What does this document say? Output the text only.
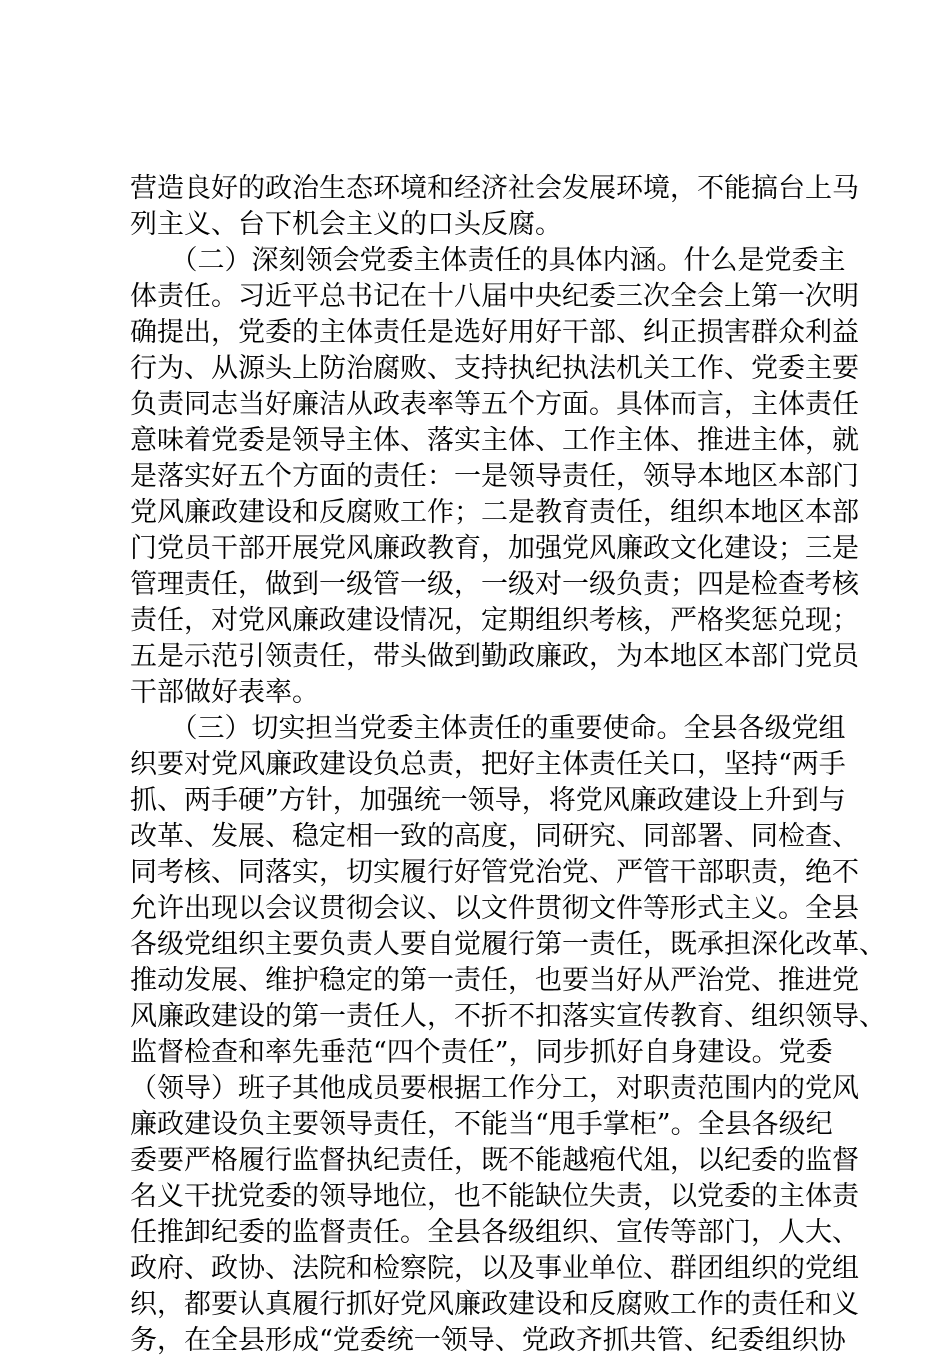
营造良好的政治生态环境和经济社会发展环境，不能搞台上马
列主义、台下机会主义的口头反腐。
　　（二）深刻领会党委主体责任的具体内涵。什么是党委主
体责任。习近平总书记在十八届中央纪委三次全会上第一次明
确提出，党委的主体责任是选好用好干部、纠正损害群众利益
行为、从源头上防治腐败、支持执纪执法机关工作、党委主要
负责同志当好廉洁从政表率等五个方面。具体而言，主体责任
意味着党委是领导主体、落实主体、工作主体、推进主体，就
是落实好五个方面的责任：一是领导责任，领导本地区本部门
党风廉政建设和反腐败工作；二是教育责任，组织本地区本部
门党员干部开展党风廉政教育，加强党风廉政文化建设；三是
管理责任，做到一级管一级，一级对一级负责；四是检查考核
责任，对党风廉政建设情况，定期组织考核，严格奖惩兑现；
五是示范引领责任，带头做到勤政廉政，为本地区本部门党员
干部做好表率。
　　（三）切实担当党委主体责任的重要使命。全县各级党组
织要对党风廉政建设负总责，把好主体责任关口，坚持“两手
抓、两手硬”方针，加强统一领导，将党风廉政建设上升到与
改革、发展、稳定相一致的高度，同研究、同部署、同检查、
同考核、同落实，切实履行好管党治党、严管干部职责，绝不
允许出现以会议贯彻会议、以文件贯彻文件等形式主义。全县
各级党组织主要负责人要自觉履行第一责任，既承担深化改革、
推动发展、维护稳定的第一责任，也要当好从严治党、推进党
风廉政建设的第一责任人，不折不扣落实宣传教育、组织领导、
监督检查和率先垂范“四个责任”，同步抓好自身建设。党委
（领导）班子其他成员要根据工作分工，对职责范围内的党风
廉政建设负主要领导责任，不能当“甩手掌柜”。全县各级纪
委要严格履行监督执纪责任，既不能越疱代俎，以纪委的监督
名义干扰党委的领导地位，也不能缺位失责，以党委的主体责
任推卸纪委的监督责任。全县各级组织、宣传等部门，人大、
政府、政协、法院和检察院，以及事业单位、群团组织的党组
织，都要认真履行抓好党风廉政建设和反腐败工作的责任和义
务，在全县形成“党委统一领导、党政齐抓共管、纪委组织协
